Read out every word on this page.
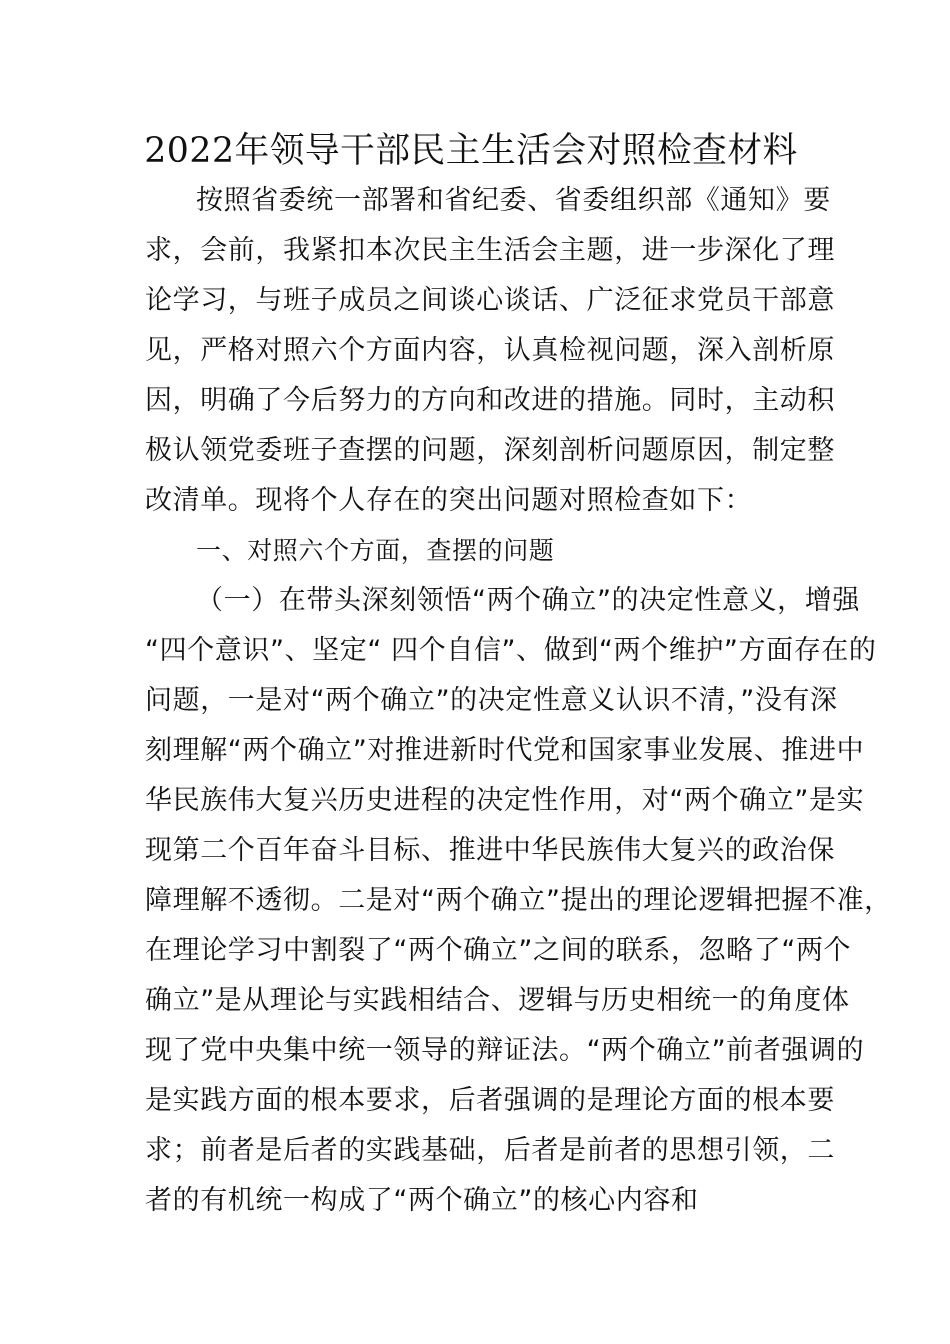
2022年领导干部民主生活会对照检查材料
按照省委统一部署和省纪委、省委组织部《通知》要
求，会前，我紧扣本次民主生活会主题，进一步深化了理
论学习，与班子成员之间谈心谈话、广泛征求党员干部意
见，严格对照六个方面内容，认真检视问题，深入剖析原
因，明确了今后努力的方向和改进的措施。同时，主动积
极认领党委班子查摆的问题，深刻剖析问题原因，制定整
改清单。现将个人存在的突出问题对照检查如下：
一、对照六个方面，查摆的问题
（一）在带头深刻领悟“两个确立”的决定性意义，增强
“四个意识”、坚定“ 四个自信”、做到“两个维护”方面存在的
问题，一是对“两个确立”的决定性意义认识不清，”没有深
刻理解“两个确立”对推进新时代党和国家事业发展、推进中
华民族伟大复兴历史进程的决定性作用，对“两个确立”是实
现第二个百年奋斗目标、推进中华民族伟大复兴的政治保
障理解不透彻。二是对“两个确立”提出的理论逻辑把握不准，
在理论学习中割裂了“两个确立”之间的联系，忽略了“两个
确立”是从理论与实践相结合、逻辑与历史相统一的角度体
现了党中央集中统一领导的辩证法。“两个确立”前者强调的
是实践方面的根本要求，后者强调的是理论方面的根本要
求；前者是后者的实践基础，后者是前者的思想引领，二
者的有机统一构成了“两个确立”的核心内容和
